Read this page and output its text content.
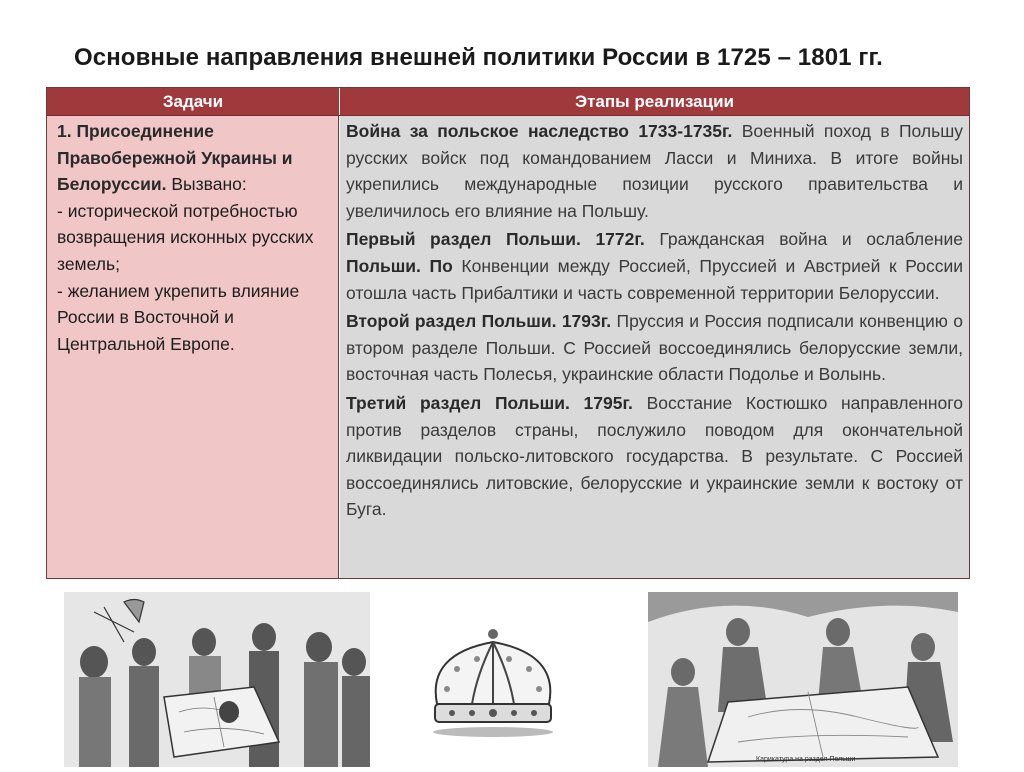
Основные направления внешней политики России в 1725 – 1801 гг.
Задачи	Этапы реализации

1. Присоединение Правобережной Украины и Белоруссии. Вызвано:

- исторической потребностью возвращения исконных русских земель;

- желанием укрепить влияние России в Восточной и Центральной Европе.

Война за польское наследство 1733-1735г. Военный поход в Польшу русских войск под командованием Ласси и Миниха. В итоге войны укрепились международные позиции русского правительства и увеличилось его влияние на Польшу.

Первый раздел Польши. 1772г. Гражданская война и ослабление Польши. По Конвенции между Россией, Пруссией и Австрией к России отошла часть Прибалтики и часть современной территории Белоруссии.

Второй раздел Польши. 1793г. Пруссия и Россия подписали конвенцию о втором разделе Польши. С Россией воссоединялись белорусские земли, восточная часть Полесья, украинские области Подолье и Волынь.

Третий раздел Польши. 1795г. Восстание Костюшко направленного против разделов страны, послужило поводом для окончательной ликвидации польско-литовского государства. В результате. С Россией воссоединялись литовские, белорусские и украинские земли к востоку от Буга.

Карикатура на раздел Польши
